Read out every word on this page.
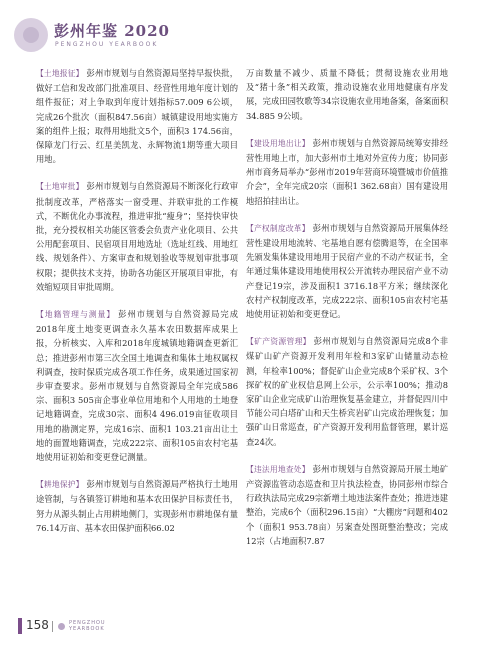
彭州年鉴 2020
PENGZHOU YEARBOOK

【土地报征】 彭州市规划与自然资源局坚持早报快批，做好工信和发改部门批准项目、经营性用地年度计划的组件报征；对上争取到年度计划指标57.009 6公顷，完成26个批次（面积847.56亩）城镇建设用地实施方案的组件上报；取得用地批文5个，面积3 174.56亩，保障龙门行云、红星美凯龙、永辉物流1期等重大项目用地。

【土地审批】 彭州市规划与自然资源局不断深化行政审批制度改革，严格落实一窗受理、并联审批的工作模式，不断优化办事流程，推进审批“瘦身”；坚持快审快批，充分授权相关功能区管委会负责产业化项目、公共公用配套项目、民宿项目用地选址（选址红线、用地红线、规划条件）、方案审查和规划验收等规划审批事项权限；提供技术支持，协助各功能区开展项目审批，有效缩短项目审批周期。

【地籍管理与测量】 彭州市规划与自然资源局完成2018年度土地变更调查永久基本农田数据库成果上报，分析核实、入库和2018年度城镇地籍调查更新汇总；推进彭州市第三次全国土地调查和集体土地权属权利调查，按时保质完成各项工作任务，成果通过国家初步审查要求。彭州市规划与自然资源局全年完成586宗、面积3 505亩企事业单位用地和个人用地的土地登记地籍调查，完成30宗、面积4 496.019亩征收项目用地的勘测定界，完成16宗、面积1 103.21亩出让土地的面置地籍调查，完成222宗、面积105亩农村宅基地使用证初始和变更登记测量。

【耕地保护】 彭州市规划与自然资源局严格执行土地用途管制，与各镇签订耕地和基本农田保护目标责任书，努力从源头制止占用耕地侧门，实现彭州市耕地保有量76.14万亩、基本农田保护面积66.02

万亩数量不减少、质量不降低；贯彻设施农业用地及“猪十条”相关政策，推动设施农业用地健康有序发展，完成田园牧歌等34宗设施农业用地备案，备案面积34.885 9公顷。

【建设用地出让】 彭州市规划与自然资源局统筹安排经营性用地上市，加大彭州市土地对外宣传力度；协同彭州市商务局举办“彭州市2019年营商环境暨城市价值推介会”，全年完成20宗（面积1 362.68亩）国有建设用地招拍挂出让。

【产权制度改革】 彭州市规划与自然资源局开展集体经营性建设用地流转、宅基地自愿有偿腾退等，在全国率先颁发集体建设用地用于民宿产业的不动产权证书，全年通过集体建设用地使用权公开流转办理民宿产业不动产登记19宗，涉及面积1 3716.18平方米；继续深化农村产权制度改革，完成222宗、面积105亩农村宅基地使用证初始和变更登记。

【矿产资源管理】 彭州市规划与自然资源局完成8个非煤矿山矿产资源开发利用年检和3家矿山储量动态检测，年检率100%；督促矿山企业完成8个采矿权、3个探矿权的矿业权信息网上公示，公示率100%；推动8家矿山企业完成矿山治理恢复基金建立，并督促四川中节能公司白塔矿山和天生桥宾岩矿山完成治理恢复；加强矿山日常巡查，矿产资源开发利用监督管理，累计巡查24次。

【违法用地查处】 彭州市规划与自然资源局开展土地矿产资源监管动态巡查和卫片执法检查，协同彭州市综合行政执法局完成29宗新增土地违法案件查处；推进违建整治，完成6个（面积296.15亩）“大棚房”问题和402个（面积1 953.78亩）另案查处图斑整治整改；完成12宗（占地面积7.87

158	PENGZHOU
YEARBOOK
